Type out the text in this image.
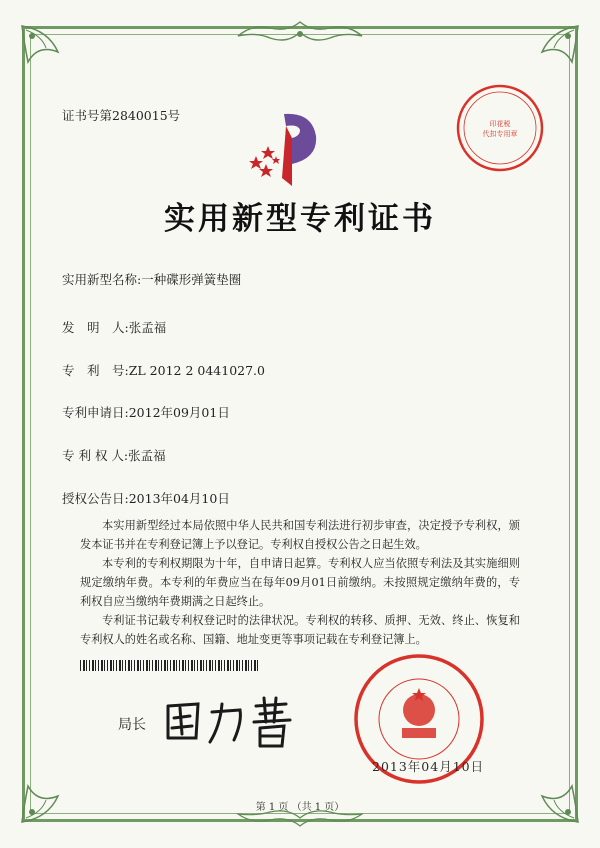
证书号第2840015号
印花税
代扣专用章
实用新型专利证书
实用新型名称:一种碟形弹簧垫圈
发　明　人:张孟福
专　利　号:ZL 2012 2 0441027.0
专利申请日:2012年09月01日
专 利 权 人:张孟福
授权公告日:2013年04月10日
本实用新型经过本局依照中华人民共和国专利法进行初步审查，决定授予专利权，颁发本证书并在专利登记簿上予以登记。专利权自授权公告之日起生效。
本专利的专利权期限为十年，自申请日起算。专利权人应当依照专利法及其实施细则规定缴纳年费。本专利的年费应当在每年09月01日前缴纳。未按照规定缴纳年费的，专利权自应当缴纳年费期满之日起终止。
专利证书记载专利权登记时的法律状况。专利权的转移、质押、无效、终止、恢复和专利权人的姓名或名称、国籍、地址变更等事项记载在专利登记簿上。
局长
2013年04月10日
第 1 页 （共 1 页）
